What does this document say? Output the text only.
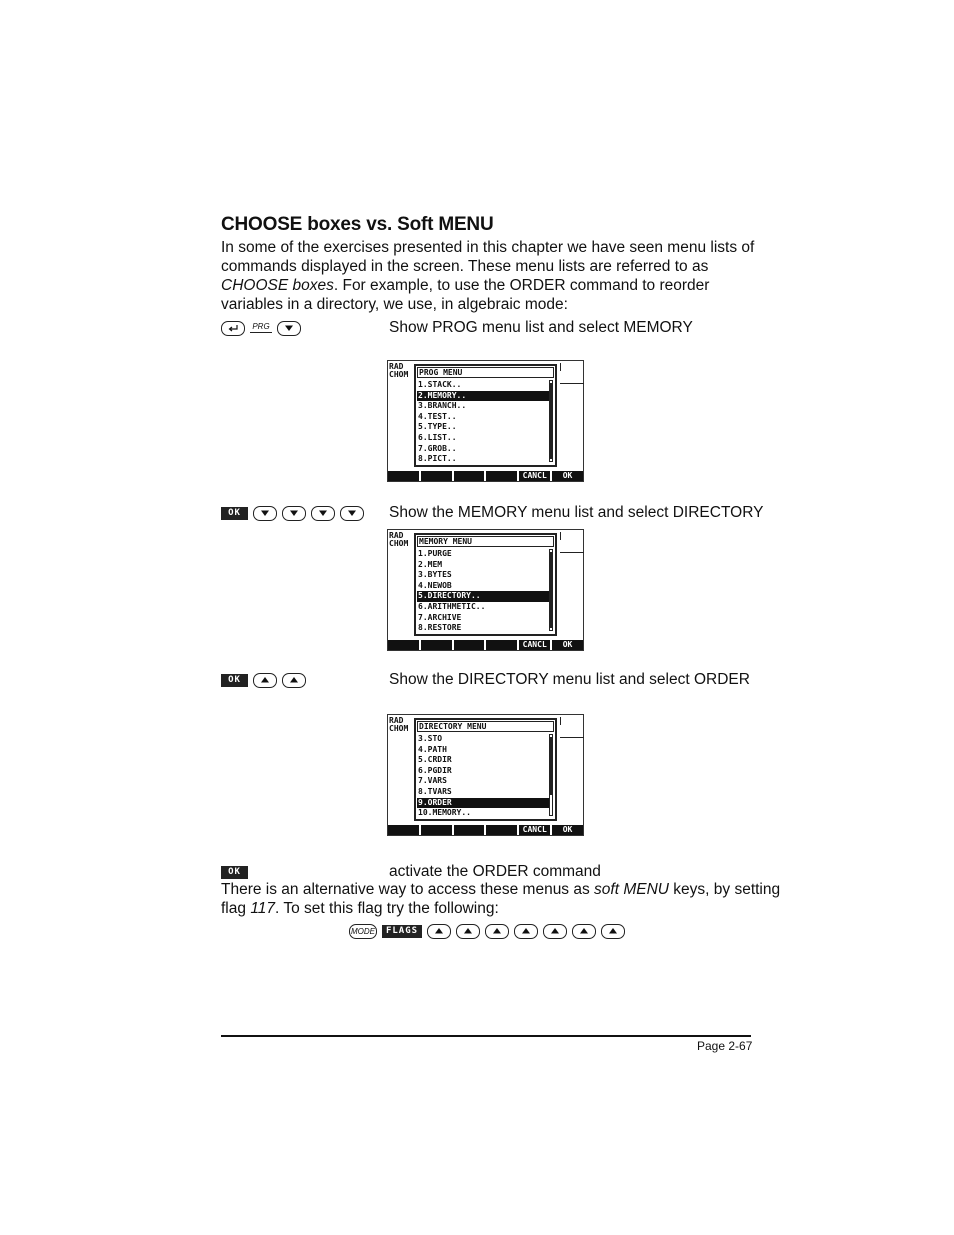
CHOOSE boxes vs. Soft MENU
In some of the exercises presented in this chapter we have seen menu lists of
commands displayed in the screen. These menu lists are referred to as
CHOOSE boxes. For example, to use the ORDER command to reorder
variables in a directory, we use, in algebraic mode:
PRG	Show PROG menu list and select MEMORY
RAD
CHOM PROG MENU
1.STACK..
2.MEMORY..
3.BRANCH..
4.TEST..
5.TYPE..
6.LIST..
7.GROB..
8.PICT..
CANCL	OK
OK	Show the MEMORY menu list and select DIRECTORY
RAD
CHOM MEMORY MENU
1.PURGE
2.MEM
3.BYTES
4.NEWOB
5.DIRECTORY..
6.ARITHMETIC..
7.ARCHIVE
8.RESTORE
CANCL	OK
OK	Show the DIRECTORY menu list and select ORDER
RAD
CHOM DIRECTORY MENU
3.STO
4.PATH
5.CRDIR
6.PGDIR
7.VARS
8.TVARS
9.ORDER
10.MEMORY..
CANCL	OK
OK	activate the ORDER command
There is an alternative way to access these menus as soft MENU keys, by setting
flag 117. To set this flag try the following:
MODE	FLAGS
Page 2-67
